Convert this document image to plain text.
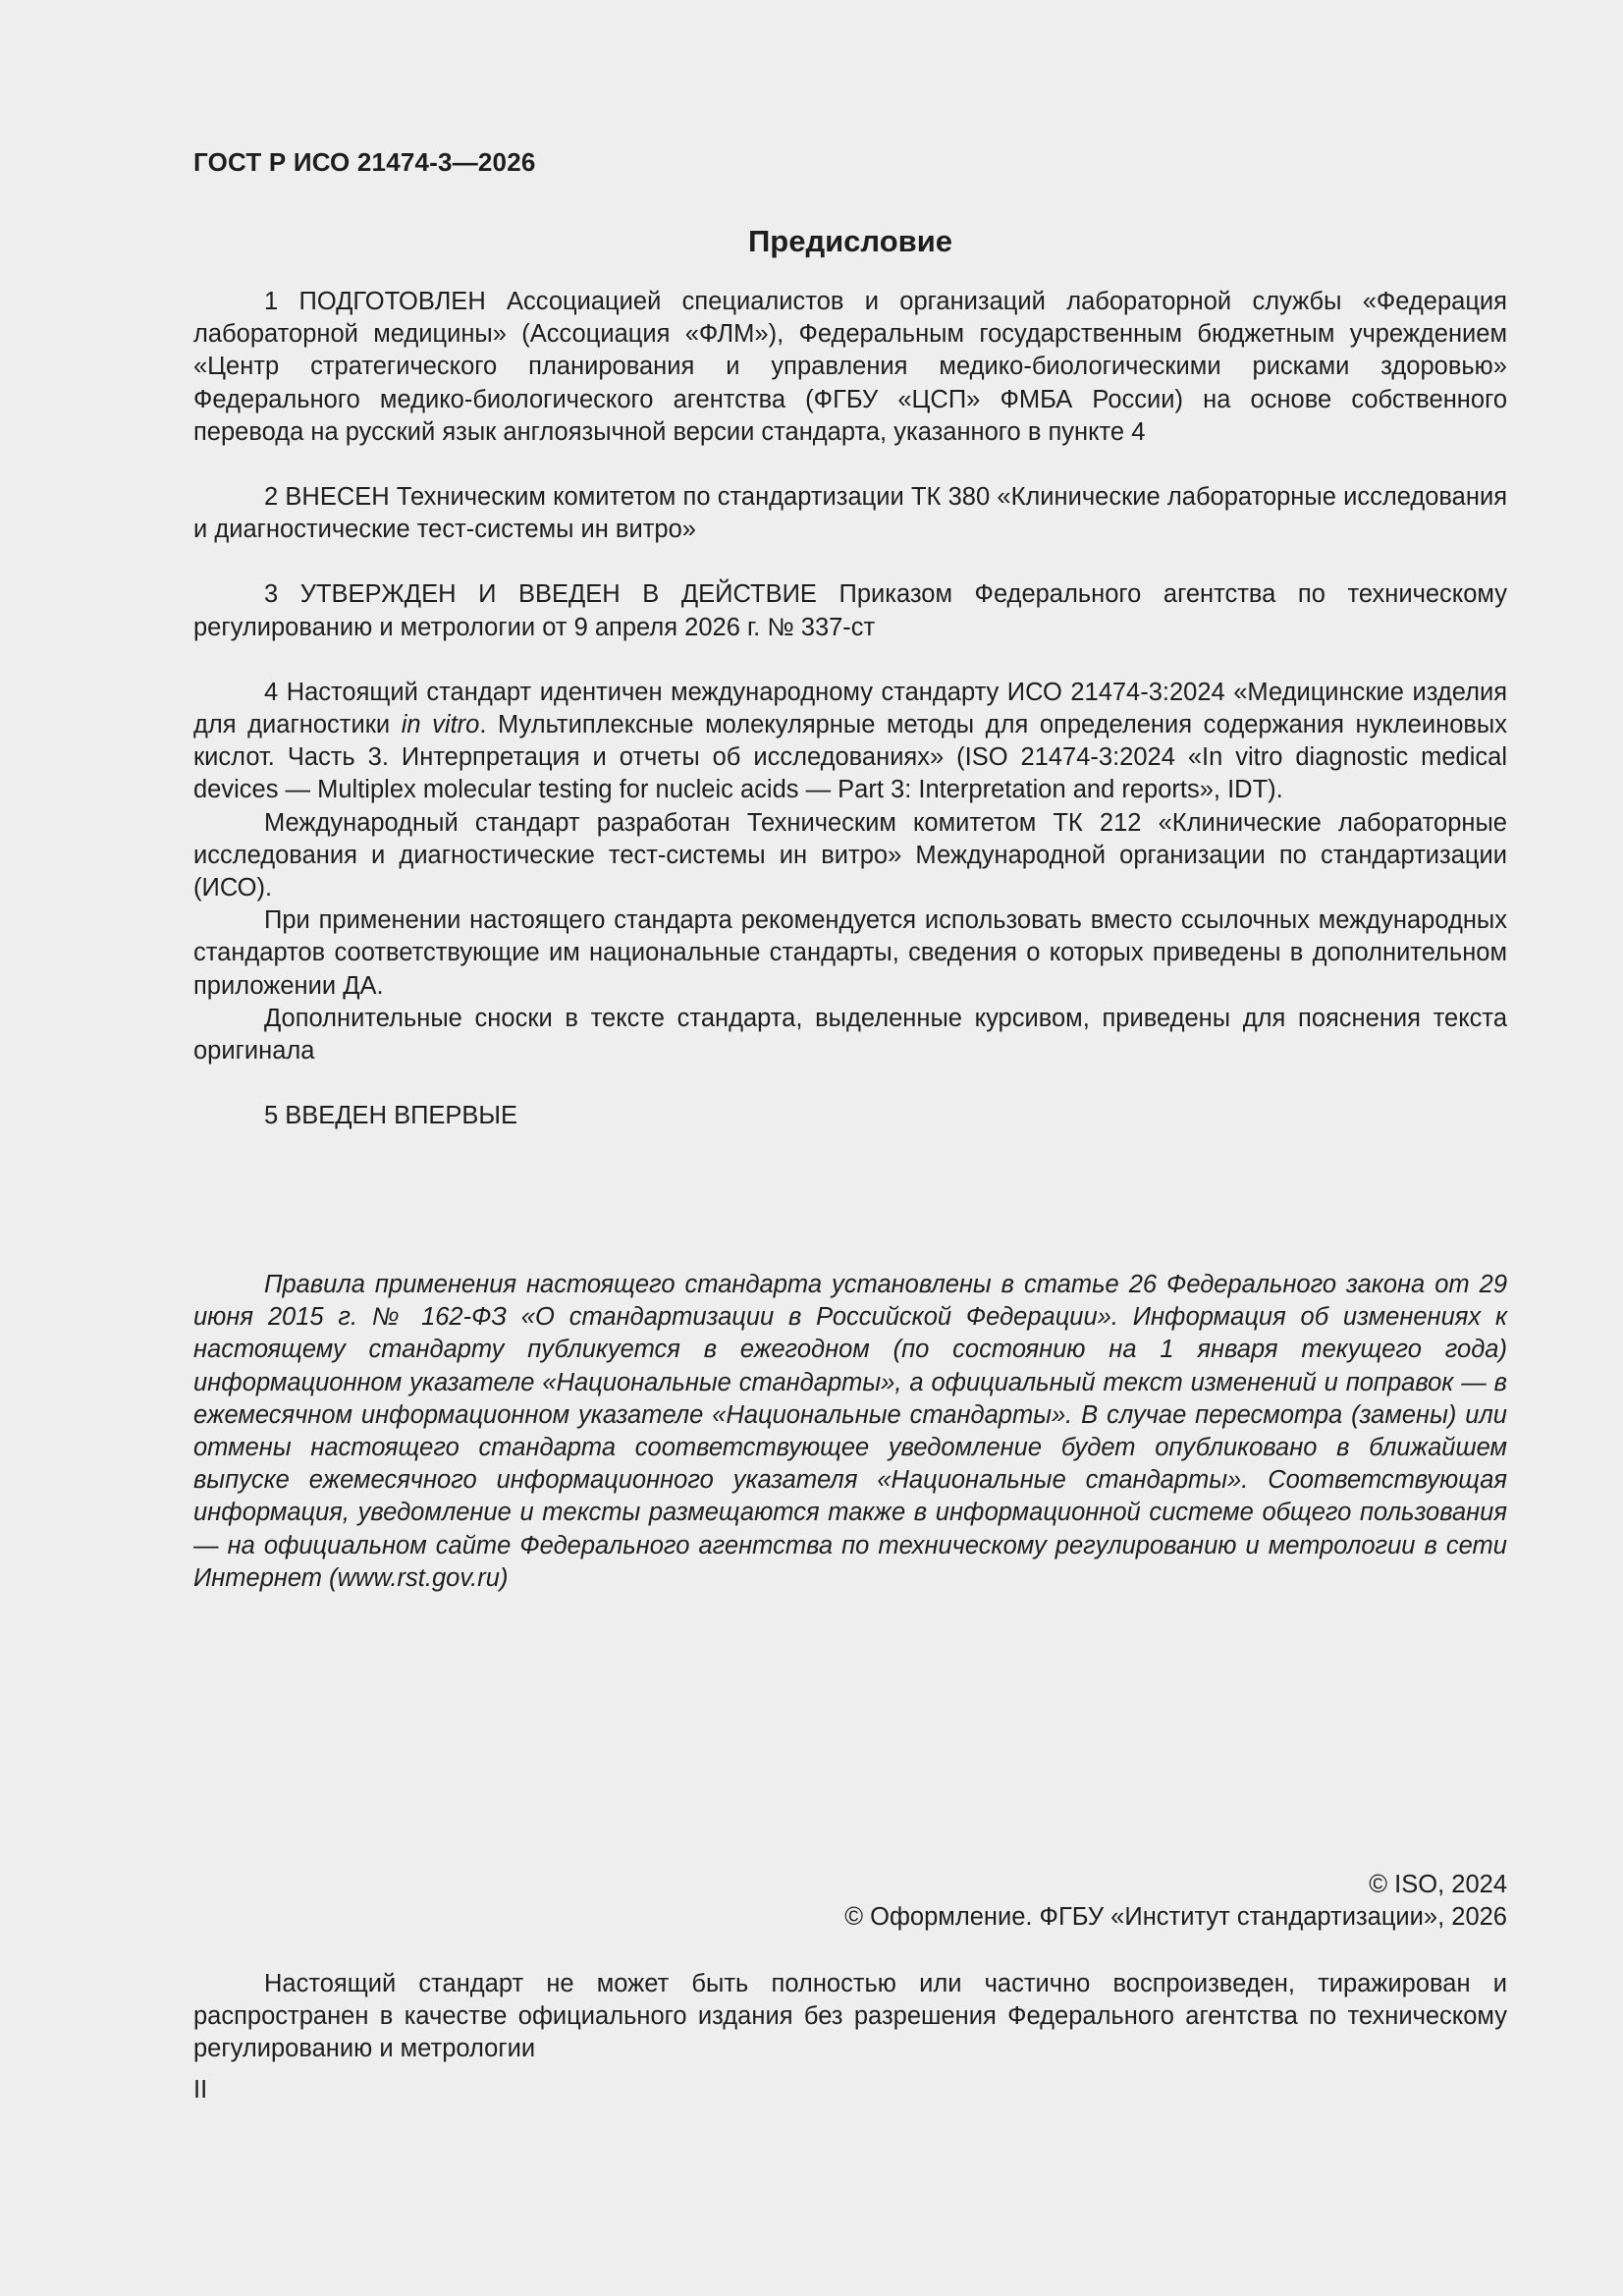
ГОСТ Р ИСО 21474-3—2026
Предисловие

1 ПОДГОТОВЛЕН Ассоциацией специалистов и организаций лабораторной службы «Федерация лабораторной медицины» (Ассоциация «ФЛМ»), Федеральным государственным бюджетным учреждением «Центр стратегического планирования и управления медико-биологическими рисками здоровью» Федерального медико-биологического агентства (ФГБУ «ЦСП» ФМБА России) на основе собственного перевода на русский язык англоязычной версии стандарта, указанного в пункте 4

2 ВНЕСЕН Техническим комитетом по стандартизации ТК 380 «Клинические лабораторные исследования и диагностические тест-системы ин витро»

3 УТВЕРЖДЕН И ВВЕДЕН В ДЕЙСТВИЕ Приказом Федерального агентства по техническому регулированию и метрологии от 9 апреля 2026 г. № 337-ст

4 Настоящий стандарт идентичен международному стандарту ИСО 21474-3:2024 «Медицинские изделия для диагностики in vitro. Мультиплексные молекулярные методы для определения содержания нуклеиновых кислот. Часть 3. Интерпретация и отчеты об исследованиях» (ISO 21474-3:2024 «In vitro diagnostic medical devices — Multiplex molecular testing for nucleic acids — Part 3: Interpretation and reports», IDT).

Международный стандарт разработан Техническим комитетом ТК 212 «Клинические лабораторные исследования и диагностические тест-системы ин витро» Международной организации по стандартизации (ИСО).

При применении настоящего стандарта рекомендуется использовать вместо ссылочных международных стандартов соответствующие им национальные стандарты, сведения о которых приведены в дополнительном приложении ДА.

Дополнительные сноски в тексте стандарта, выделенные курсивом, приведены для пояснения текста оригинала

5 ВВЕДЕН ВПЕРВЫЕ

Правила применения настоящего стандарта установлены в статье 26 Федерального закона от 29 июня 2015 г. № 162-ФЗ «О стандартизации в Российской Федерации». Информация об изменениях к настоящему стандарту публикуется в ежегодном (по состоянию на 1 января текущего года) информационном указателе «Национальные стандарты», а официальный текст изменений и поправок — в ежемесячном информационном указателе «Национальные стандарты». В случае пересмотра (замены) или отмены настоящего стандарта соответствующее уведомление будет опубликовано в ближайшем выпуске ежемесячного информационного указателя «Национальные стандарты». Соответствующая информация, уведомление и тексты размещаются также в информационной системе общего пользования — на официальном сайте Федерального агентства по техническому регулированию и метрологии в сети Интернет (www.rst.gov.ru)

© ISO, 2024
© Оформление. ФГБУ «Институт стандартизации», 2026

Настоящий стандарт не может быть полностью или частично воспроизведен, тиражирован и распространен в качестве официального издания без разрешения Федерального агентства по техническому регулированию и метрологии

II
